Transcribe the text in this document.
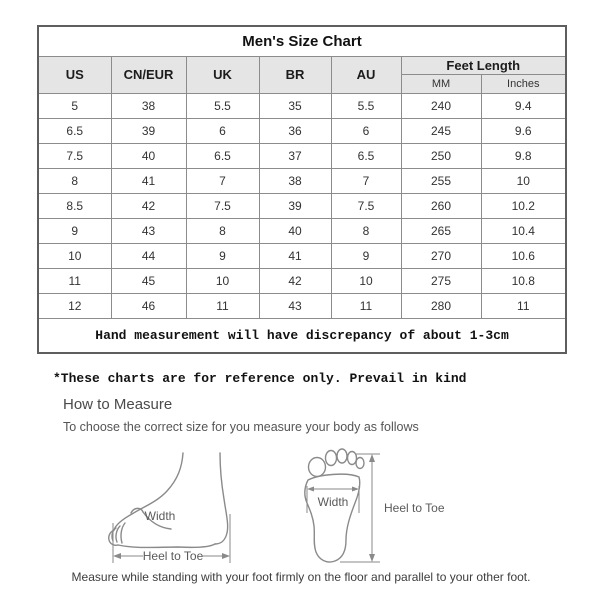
Men's Size Chart						
US	CN/EUR	UK	BR	AU	Feet Length	
					MM	Inches
5	38	5.5	35	5.5	240	9.4
6.5	39	6	36	6	245	9.6
7.5	40	6.5	37	6.5	250	9.8
8	41	7	38	7	255	10
8.5	42	7.5	39	7.5	260	10.2
9	43	8	40	8	265	10.4
10	44	9	41	9	270	10.6
11	45	10	42	10	275	10.8
12	46	11	43	11	280	11
Hand measurement will have discrepancy of about 1-3cm						
*These charts are for reference only. Prevail in kind
How to Measure
To choose the correct size for you measure your body as follows
Width
Heel to Toe
Width	Heel to Toe
Measure while standing with your foot firmly on the floor and parallel to your other foot.
